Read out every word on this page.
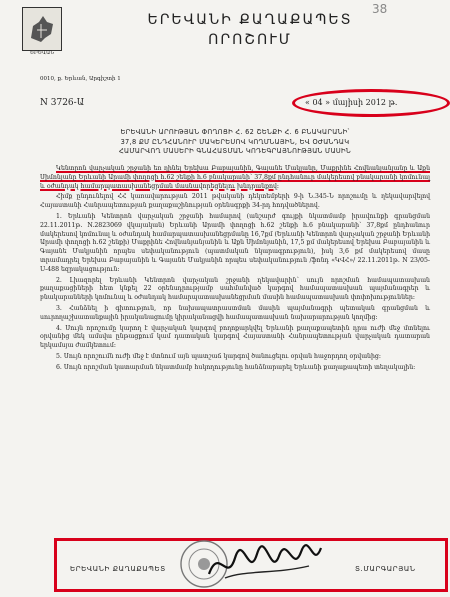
38
ԵՐԵՎԱՆ
ԵՐԵՎԱՆԻ ՔԱՂԱՔԱՊԵՏ
ՈՐՈՇՈՒՄ
0010, ք. Երևան, Արգիշտի 1
N 3726-Ա	« 04 » մայիսի 2012 թ.
ԵՐԵՎԱՆԻ ԱՐՈՒԹՅԱՆ ՓՈՂՈՑԻ Հ. 62 ՇԵՆՔԻ Հ. 6 ԲՆԱԿԱՐԱՆԻ՝
37,8 ՔՄ ԸՆԴՀԱՆՈՒՐ ՄԱԿԵՐԵՍՈՎ ԿՈՂՄՆԱՅԻՆ, ԵՎ ՕԺԱՆԴԱԿ
ՀԱՄԱՐՎՈՂ ՄԱՍԵՐԻ ԳՆԱՀԱՏՄԱՆ ԿՈԴԵԳՐԱՅՆՈՒԹՅԱՆ ՄԱՍԻՆ

Կենտրոն վարչական շրջանի եռ ղինել Երեխա Բաբայանին, Գայանե Մակյանը, Մաքրինե Հովնանյանյանը և Աքն Սիմոնյանը Երևանի Արամի փողոցի հ.62 շենքի հ.6 բնակարանի՝ 37,8քմ ընդհանուր մակերեսով բնակարանի կոմունալ և օժանդակ համարպատասխանեցրման մասնավորեցնելու խնդրանքով:

Հիմք ընդունելով ՀՀ կառավարության 2011 թվականի դեկտեմբերի 9-ի Ն.345-Ն որոշումը և ղեկավարվելով Հայաստանի Հանրապետության քաղաքաշինության օրենսգրքի 34-րդ հոդվածներով.

1. Երևանի Կենտրոն վարչական շրջանի համարով (անշարժ գույքի նկատմամբ իրավունքի գրանցման 22.11.2011թ. N.2823069 վկայական) Երևանի Արամի փողոցի հ.62 շենքի հ.6 բնակարանի՝ 37,8քմ ընդհանուր մակերեսով կոմունալ և օժանդակ համարպատասխանեցրմանը 16,7քմ (Երևանի Կենտրոն վարչական շրջանի Երևանի Արամի փողոցի հ.62 շենքի) Մաքրինե Հովնանյանյանին և Աքն Սիմոնյանին, 17,5 քմ մակերեսով Երեխա Բաբայանին և Գայանե Մակյանին որպես սեփականություն (պատմական նկարագրություն), իսկ 3,6 քմ մակերեսով մասը տրամադրել Երեխա Բաբայանին և Գայանե Մակյանին որպես սեփականություն /ֆոնդ «ԿՎՀ»/ 22.11.2011թ. N 23/05-U-488 եզրակացություն:

2. Լիազորել Երևանի Կենտրոն վարչական շրջանի ղեկավարին՝ սույն որոշման համապատասխան քաղաքացիների հետ կնքել 22 օրենսդրությամբ սահմանված կարգով համապատասխան պայմանագրեր և բնակարանների կոմունալ և օժանդակ համարպատասխանեցրման մասին համապատասխան փոփոխություններ:

3. Հանձնել ի գիտություն, որ նախապատրաստման մասին պայմանագրի պետական գրանցման և սուրողաշխատանքային իրականացումը կիրականացվի համապատասխան նախարարության կողմից:

4. Սույն որոշումը կարող է վարչական կարգով բողոքարկվել Երևանի քաղաքապետին դրա ուժի մեջ մտնելու օրվանից մեկ ամսվա ընթացքում կամ դատական կարգով Հայաստանի Հանրապետության վարչական դատարան երկամսյա ժամկետում:

5. Սույն որոշումն ուժի մեջ է մտնում այն պատշաճ կարգով ծանուցելու օրվան հաջորդող օրվանից:

6. Սույն որոշման կատարման նկատմամբ հսկողությունը հանձնարարել Երևանի քաղաքապետի տեղակալին:

ԵՐԵՎԱՆԻ ՔԱՂԱՔԱՊԵՏ	Տ.ՄԱՐԳԱՐՅԱՆ
